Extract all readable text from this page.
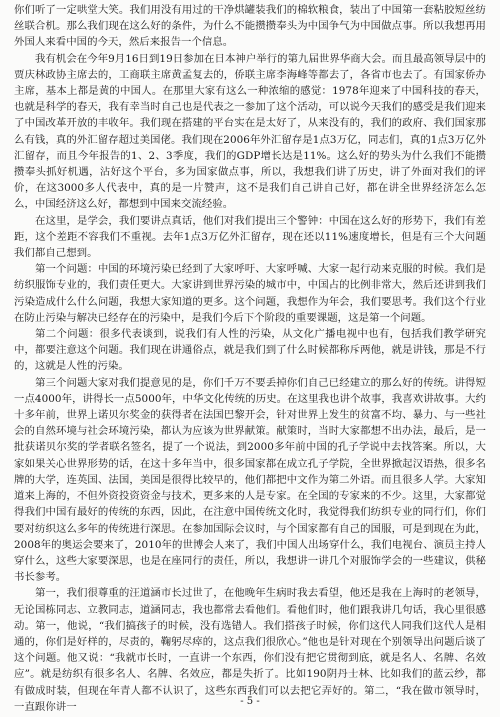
你们听了一定哄堂大笑。我们用没有用过的干净烘罐装我们的棉软粮食，装出了中国第一套粘胶短丝纺丝联合机。那么我们现在这么好的条件，为什么不能攒攒奉头为中国争气为中国做点事。所以我想再用外国人来看中国的今天，然后来报告一个信息。

我有机会在今年9月16日到19日参加在日本神户举行的第九届世界华商大会。而且最高领导层中的贾庆林政协主席去的，工商联主席黄孟复去的，侨联主席李海峰等都去了，各省市也去了。有国家侨办主席，基本上都是黄的中国人。在那里大家有这么一种浓缩的感觉：1978年迎来了中国科技的春天，也就是科学的春天，我有幸当时自己也是代表之一参加了这个活动，可以说今天我们的感受是我们迎来了中国改革开放的丰收年。我们现在搭建的平台实在是太好了，从来没有的，我们的政府、我们国家那么有钱，真的外汇留存超过美国佬。我们现在2006年外汇留存是1点3万亿，同志们，真的1点3万亿外汇留存，而且今年报告的1、2、3季度，我们的GDP增长达是11%。这么好的势头为什么我们不能攒攒奉头抓好机遇，沾好这个平台，多为国家做点事，所以，我想我们讲了历史，讲了外面对我们的评价，在这3000多人代表中，真的是一片赞声，这不是我们自己讲自己好，都在讲全世界经济怎么怎么，中国经济这么好，都想到中国来交流经验。

在这里，是学会，我们要讲点真话，他们对我们提出三个警钟：中国在这么好的形势下，我们有差距，这个差距不容我们不重视。去年1点3万亿外汇留存，现在还以11%速度增长，但是有三个大问题我们都自己想到。

第一个问题：中国的环境污染已经到了大家呼吁、大家呼喊、大家一起行动来克服的时候。我们是纺织服饰专业的，我们责任更大。大家讲到世界污染的城市中，中国占的比例非常大，然后还讲到我们污染造成什么什么问题，我想大家知道的更多。这个问题，我想作为年会，我们要思考。我们这个行业在防止污染与解决已经存在的污染中，是我们今后下个阶段的重要课题，这是第一个问题。

第二个问题：很多代表谈到，说我们有人性的污染，从文化广播电视中也有，包括我们教学研究中，都要注意这个问题。我们现在讲通俗点，就是我们到了什么时候都称斥两他，就是讲钱，那是不行的，这就是人性的污染。

第三个问题大家对我们提意见的是，你们千万不要丢掉你们自己已经建立的那么好的传统。讲得短一点4000年，讲得长一点5000年，中华文化传统的历史。在这里我也讲个故事，我喜欢讲故事。大约十多年前，世界上诺贝尔奖金的获得者在法国巴黎开会，针对世界上发生的贫富不均、暴力、与一些社会的自然环境与社会环境污染，都认为应该为世界献策。献策时，当时大家都想不出办法，最后，是一批获诺贝尔奖的学者联名签名，提了一个说法，到2000多年前中国的孔子学说中去找答案。所以，大家如果关心世界形势的话，在这十多年当中，很多国家都在成立孔子学院，全世界掀起汉语热，很多名牌的大学，连英国、法国，美国是很得比较早的，他们都把中文作为第二外语。而且很多人学。大家知道来上海的，不但外资投资资金与技术，更多来的人是专家。在全国的专家来的不少。这里，大家都觉得我们中国有最好的传统的东西，因此，在注意中国传统文化时，我觉得我们纺织专业的同行们，你们要对纺织这么多年的传统进行深思。在参加国际会议时，与个国家都有自己的国服，可是到现在为此，2008年的奥运会要来了，2010年的世博会人来了，我们中国人出场穿什么，我们电视台、演员主持人穿什么，这些大家要深思，也是在座同行的责任，所以，我想讲一讲几个对服饰学会的一些建议，供秘书长参考。

第一，我们很尊重的汪道涵市长过世了，在他晚年生病时我去看望，他还是我在上海时的老领导，无论国栋同志、立教同志，道涵同志，我也都常去看他们。看他们时，他们跟我讲几句话，我心里很感动。第一，他说，“我们搞孩子的时候，没有选错人。我们搭孩子时候，你们这代人同我们这代人是相通的，你们是好样的，尽责的，鞠躬尽瘁的，这点我们很欣心。”他也是针对现在个别领导出问题后谈了这个问题。他又说：“我就市长时，一直讲一个东西，你们没有把它贯彻到底，就是名人、名牌、名效应”。就是纺织有很多名人、名牌、名效应，都是失折了。比如190阴丹士林、比如我们的蓝云纱，都有做成时装，但现在年青人都不认识了，这些东西我们可以去把它弄好的。第二，“我在做市领导时，一直跟你讲一	- 5 -
